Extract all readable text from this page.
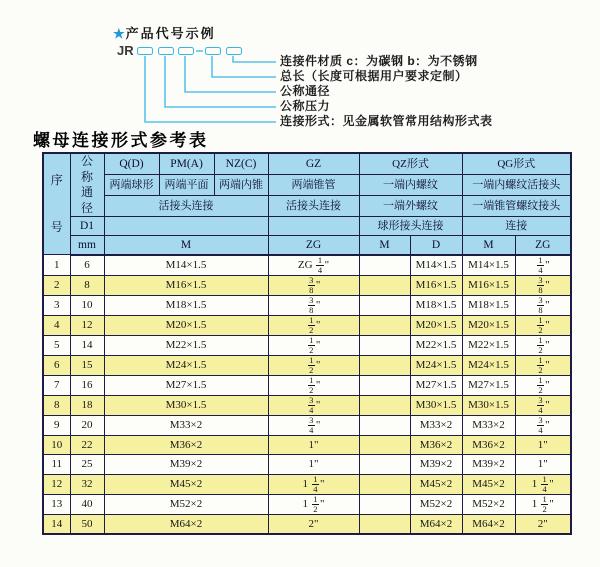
★产品代号示例
JR
连接件材质 c：为碳钢 b：为不锈钢
总长（长度可根据用户要求定制）
公称通径
公称压力
连接形式：见金属软管常用结构形式表
螺母连接形式参考表
序号	公称通径	Q(D)	PM(A)	NZ(C)	GZ	QZ形式		QG形式	
		两端球形	两端平面	两端内锥	两端锥管	一端内螺纹		一端内螺纹活接头	
		活接头连接			活接头连接	一端外螺纹		一端锥管螺纹接头	
	D1					球形接头连接		连接	
	mm	M			ZG	M	D	M	ZG
1	6	M14×1.5			ZG $\frac{1}{4}$ "		M14×1.5	M14×1.5	$\frac{1}{4}$ "
2	8	M16×1.5			$\frac{3}{8}$ "		M16×1.5	M16×1.5	$\frac{3}{8}$ "
3	10	M18×1.5			$\frac{3}{8}$ "		M18×1.5	M18×1.5	$\frac{3}{8}$ "
4	12	M20×1.5			$\frac{1}{2}$ "		M20×1.5	M20×1.5	$\frac{1}{2}$ "
5	14	M22×1.5			$\frac{1}{2}$ "		M22×1.5	M22×1.5	$\frac{1}{2}$ "
6	15	M24×1.5			$\frac{1}{2}$ "		M24×1.5	M24×1.5	$\frac{1}{2}$ "
7	16	M27×1.5			$\frac{1}{2}$ "		M27×1.5	M27×1.5	$\frac{1}{2}$ "
8	18	M30×1.5			$\frac{3}{4}$ "		M30×1.5	M30×1.5	$\frac{3}{4}$ "
9	20	M33×2			$\frac{3}{4}$ "		M33×2	M33×2	$\frac{3}{4}$ "
10	22	M36×2			1"		M36×2	M36×2	1"
11	25	M39×2			1"		M39×2	M39×2	1"
12	32	M45×2			$1 \frac{1}{4}$ "		M45×2	M45×2	$1 \frac{1}{4}$ "
13	40	M52×2			$1 \frac{1}{2}$ "		M52×2	M52×2	$1 \frac{1}{2}$ "
14	50	M64×2			2"		M64×2	M64×2	2"
